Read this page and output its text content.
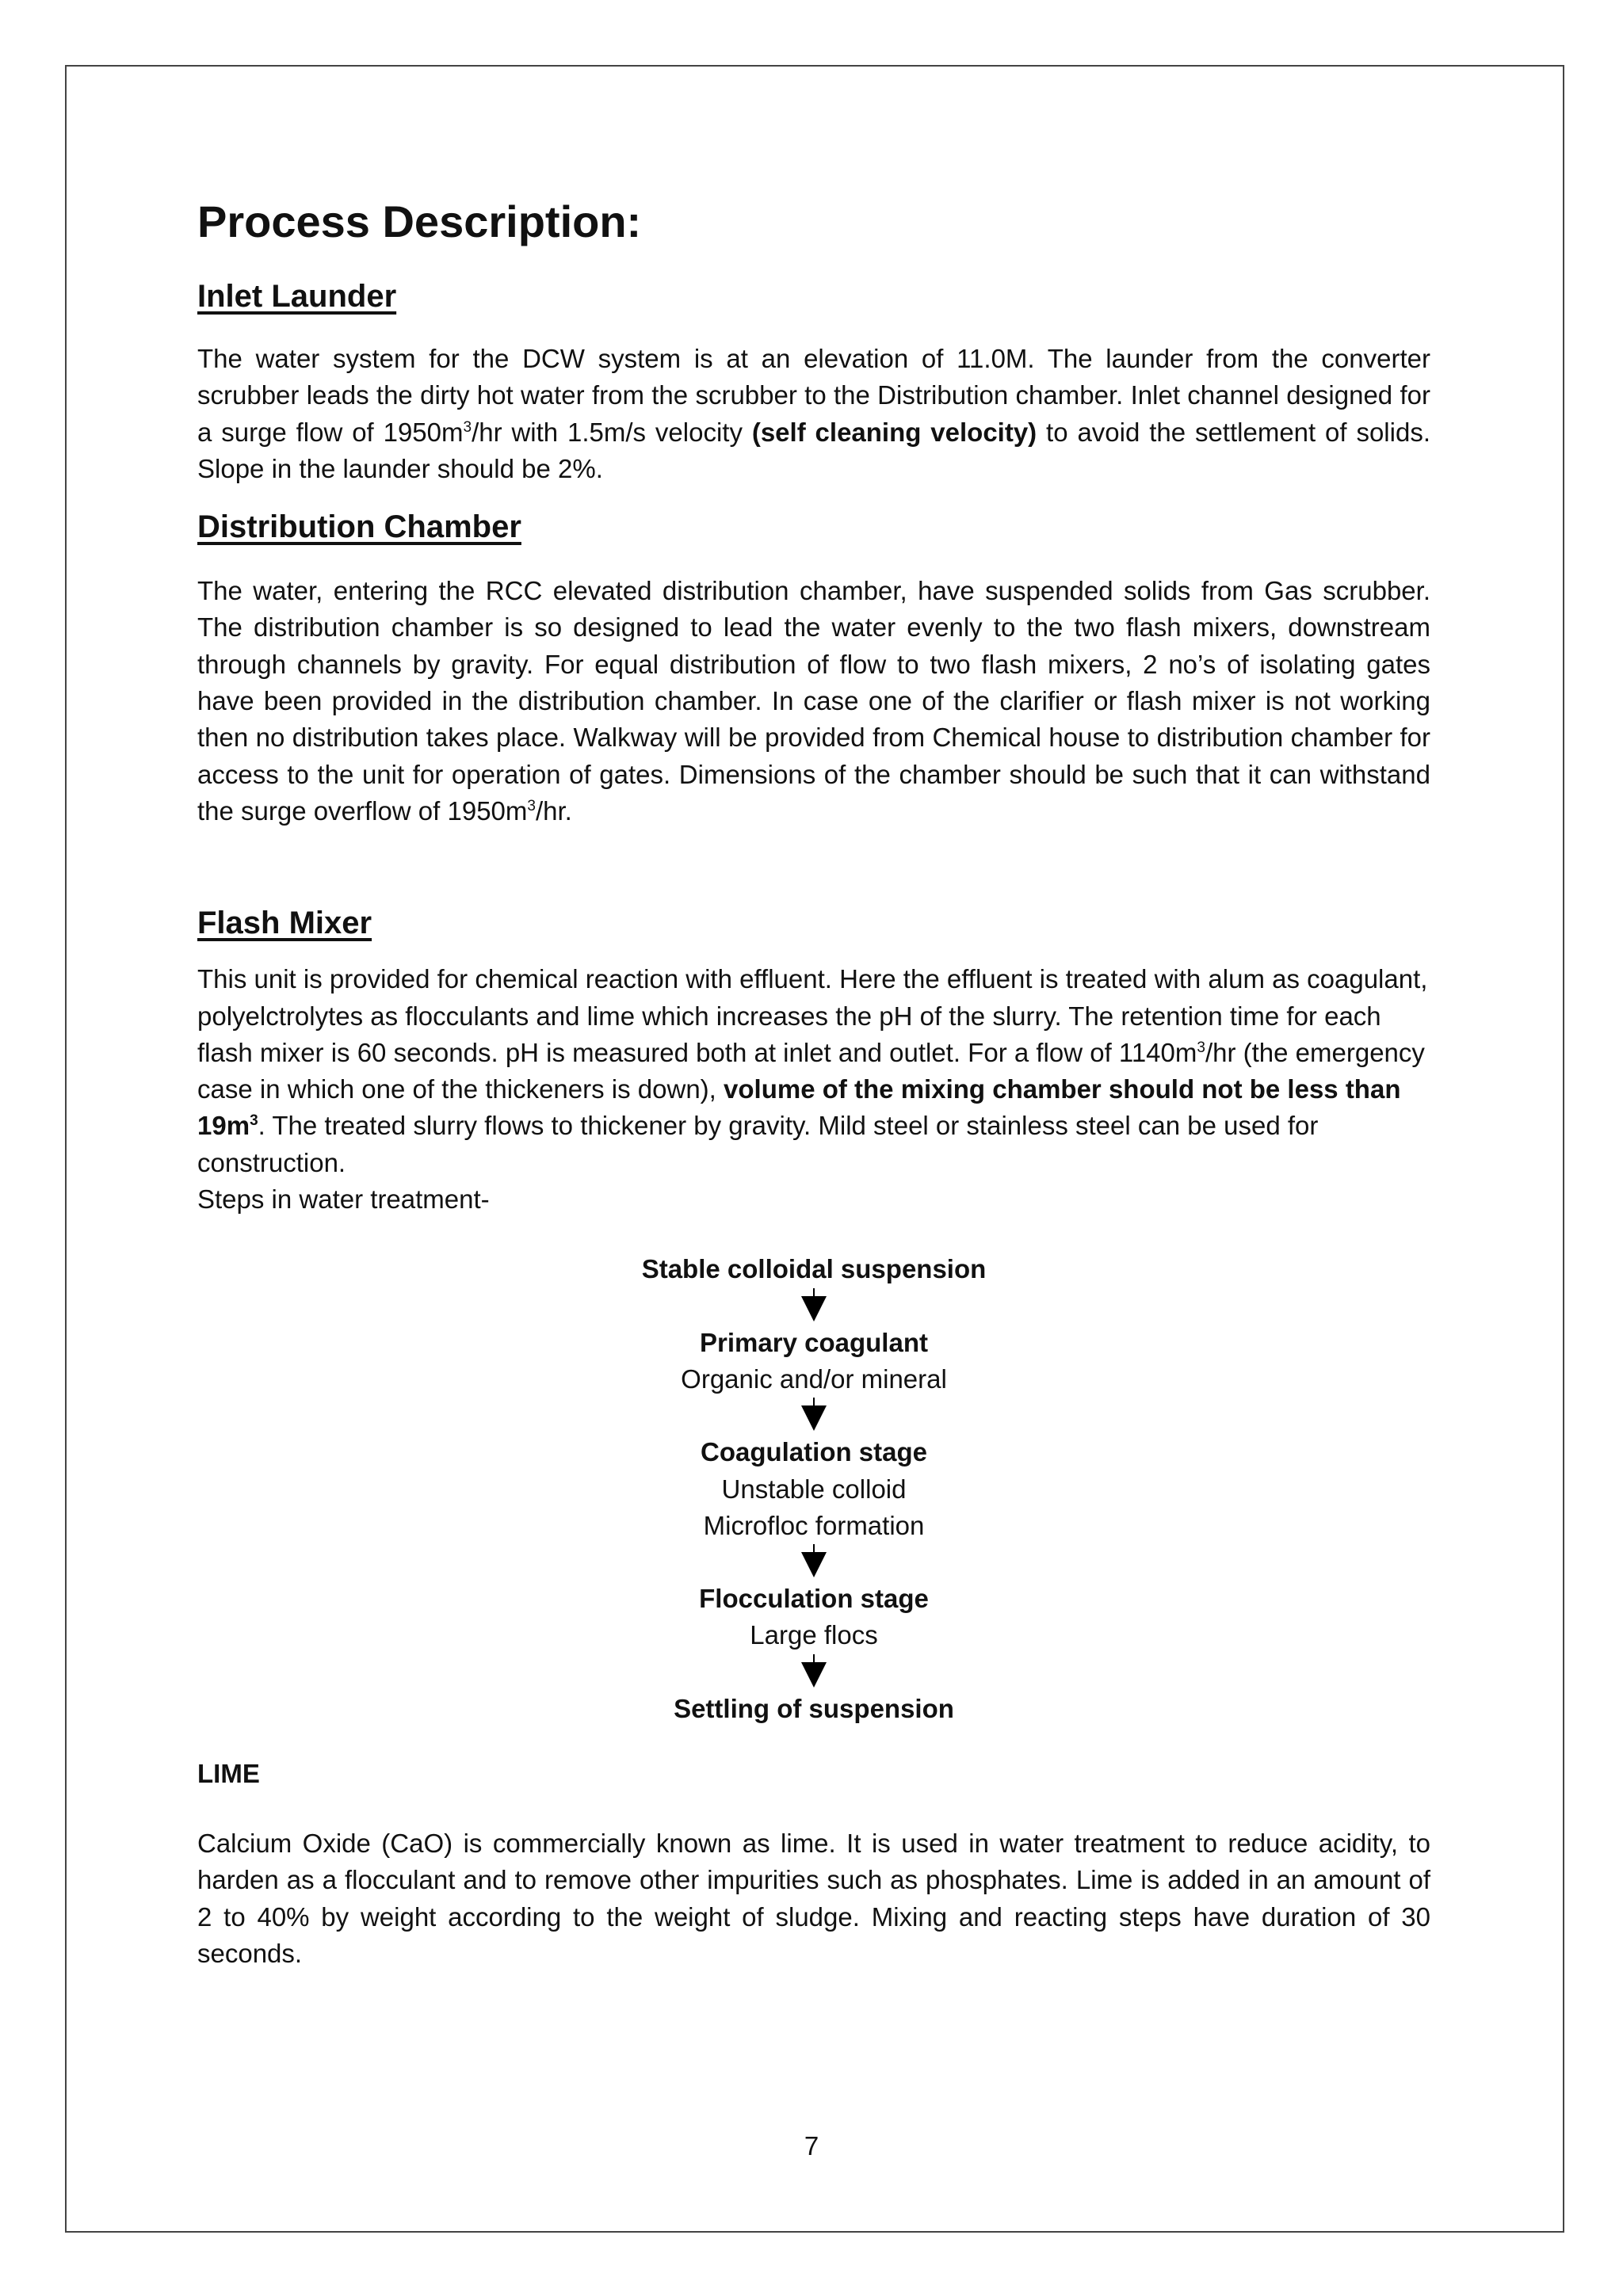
Process Description:
Inlet Launder

The water system for the DCW system is at an elevation of 11.0M. The launder from the converter scrubber leads the dirty hot water from the scrubber to the Distribution chamber. Inlet channel designed for a surge flow of $1950m^3/hr$ with 1.5m/s velocity (self cleaning velocity) to avoid the settlement of solids. Slope in the launder should be 2%.

Distribution Chamber

The water, entering the RCC elevated distribution chamber, have suspended solids from Gas scrubber. The distribution chamber is so designed to lead the water evenly to the two flash mixers, downstream through channels by gravity. For equal distribution of flow to two flash mixers, 2 no’s of isolating gates have been provided in the distribution chamber. In case one of the clarifier or flash mixer is not working then no distribution takes place. Walkway will be provided from Chemical house to distribution chamber for access to the unit for operation of gates. Dimensions of the chamber should be such that it can withstand the surge overflow of $1950m^3/hr$.

Flash Mixer

This unit is provided for chemical reaction with effluent. Here the effluent is treated with alum as coagulant, polyelctrolytes as flocculants and lime which increases the pH of the slurry. The retention time for each flash mixer is 60 seconds. pH is measured both at inlet and outlet. For a flow of $1140m^3/hr$ (the emergency case in which one of the thickeners is down), volume of the mixing chamber should not be less than $19m^3$. The treated slurry flows to thickener by gravity. Mild steel or stainless steel can be used for construction.

Steps in water treatment-

Stable colloidal suspension
Primary coagulant
Organic and/or mineral
Coagulation stage
Unstable colloid
Microfloc formation
Flocculation stage
Large flocs
Settling of suspension
LIME

Calcium Oxide (CaO) is commercially known as lime. It is used in water treatment to reduce acidity, to harden as a flocculant and to remove other impurities such as phosphates. Lime is added in an amount of 2 to 40% by weight according to the weight of sludge. Mixing and reacting steps have duration of 30 seconds.

7
